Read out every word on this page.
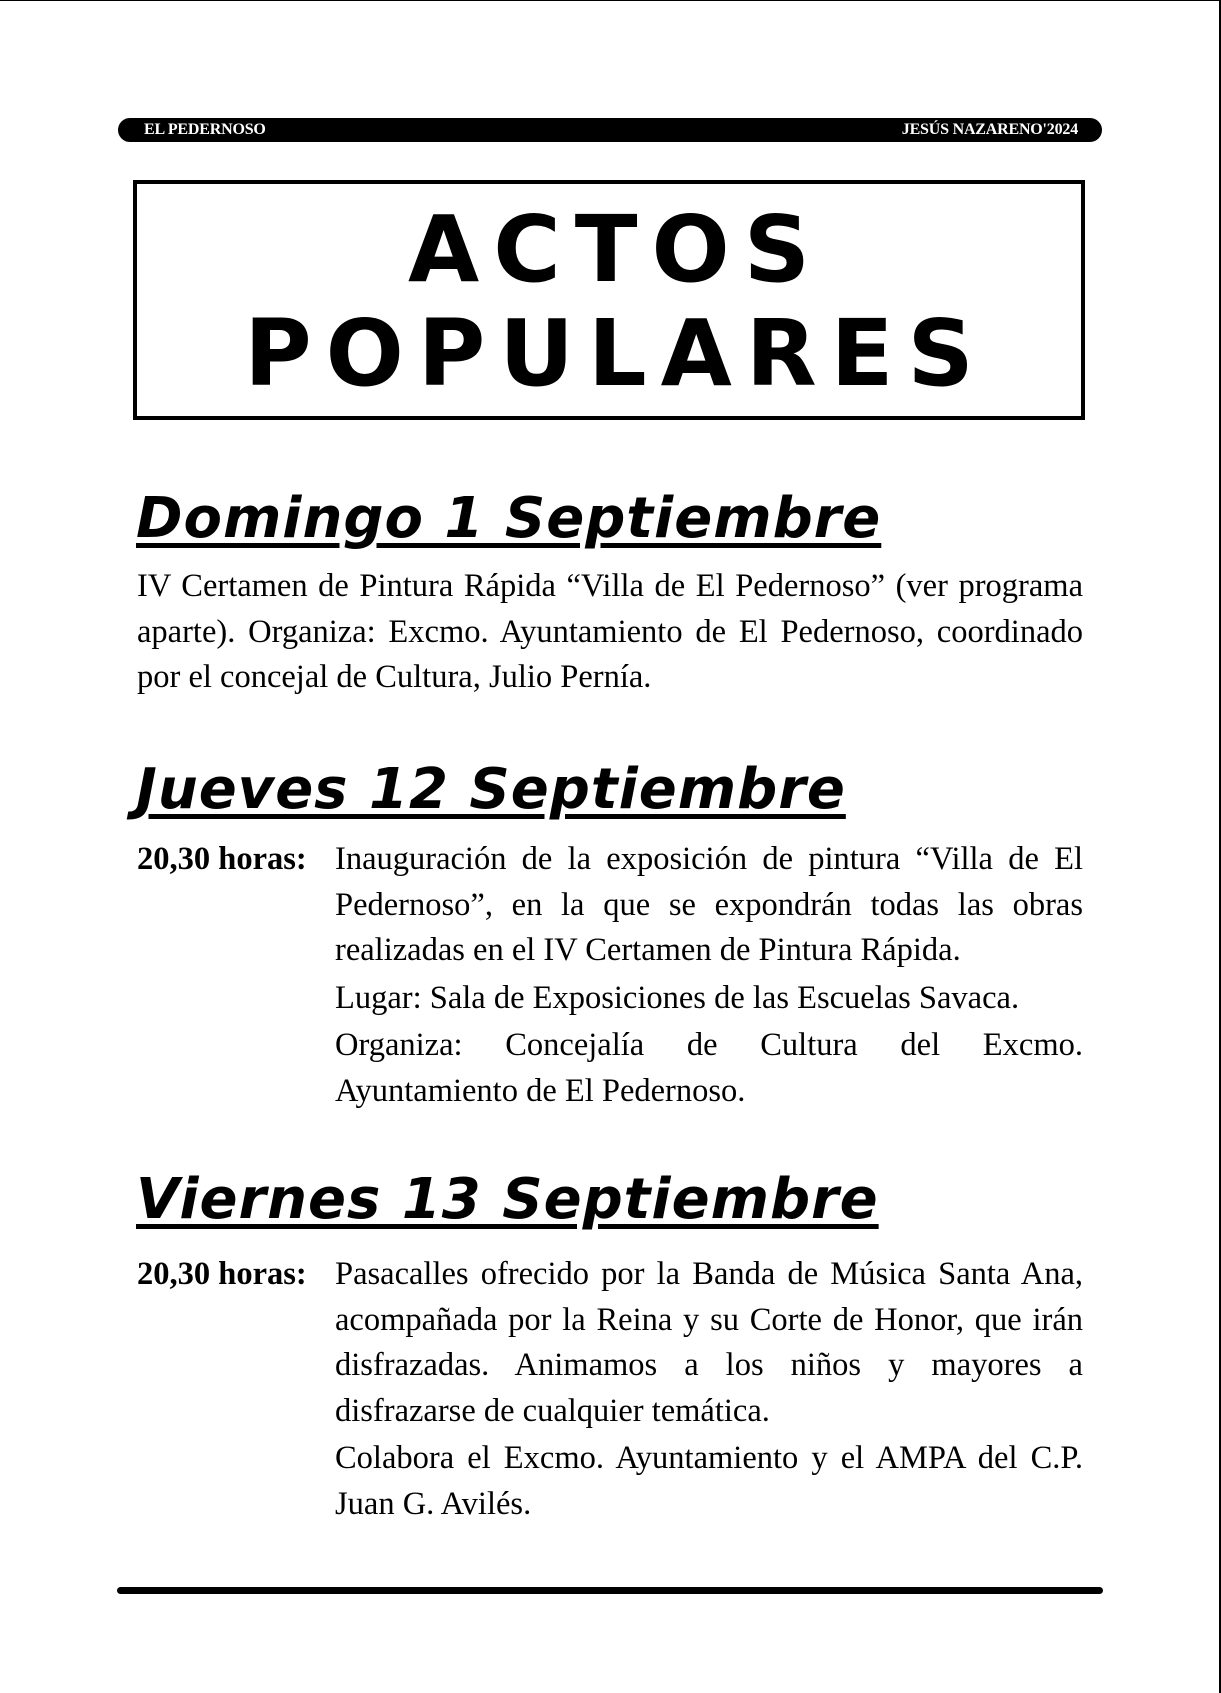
EL PEDERNOSO	JESÚS NAZARENO'2024
ACTOS
POPULARES
Domingo 1 Septiembre
IV Certamen de Pintura Rápida “Villa de El Pedernoso” (ver programa aparte). Organiza: Excmo. Ayuntamiento de El Pedernoso, coordinado por el concejal de Cultura, Julio Pernía.
Jueves 12 Septiembre
20,30 horas: Inauguración de la exposición de pintura “Villa de El Pedernoso”, en la que se expondrán todas las obras realizadas en el IV Certamen de Pintura Rápida.
Lugar: Sala de Exposiciones de las Escuelas Savaca.
Organiza: Concejalía de Cultura del Excmo. Ayuntamiento de El Pedernoso.
Viernes 13 Septiembre
20,30 horas: Pasacalles ofrecido por la Banda de Música Santa Ana, acompañada por la Reina y su Corte de Honor, que irán disfrazadas. Animamos a los niños y mayores a disfrazarse de cualquier temática.
Colabora el Excmo. Ayuntamiento y el AMPA del C.P. Juan G. Avilés.
